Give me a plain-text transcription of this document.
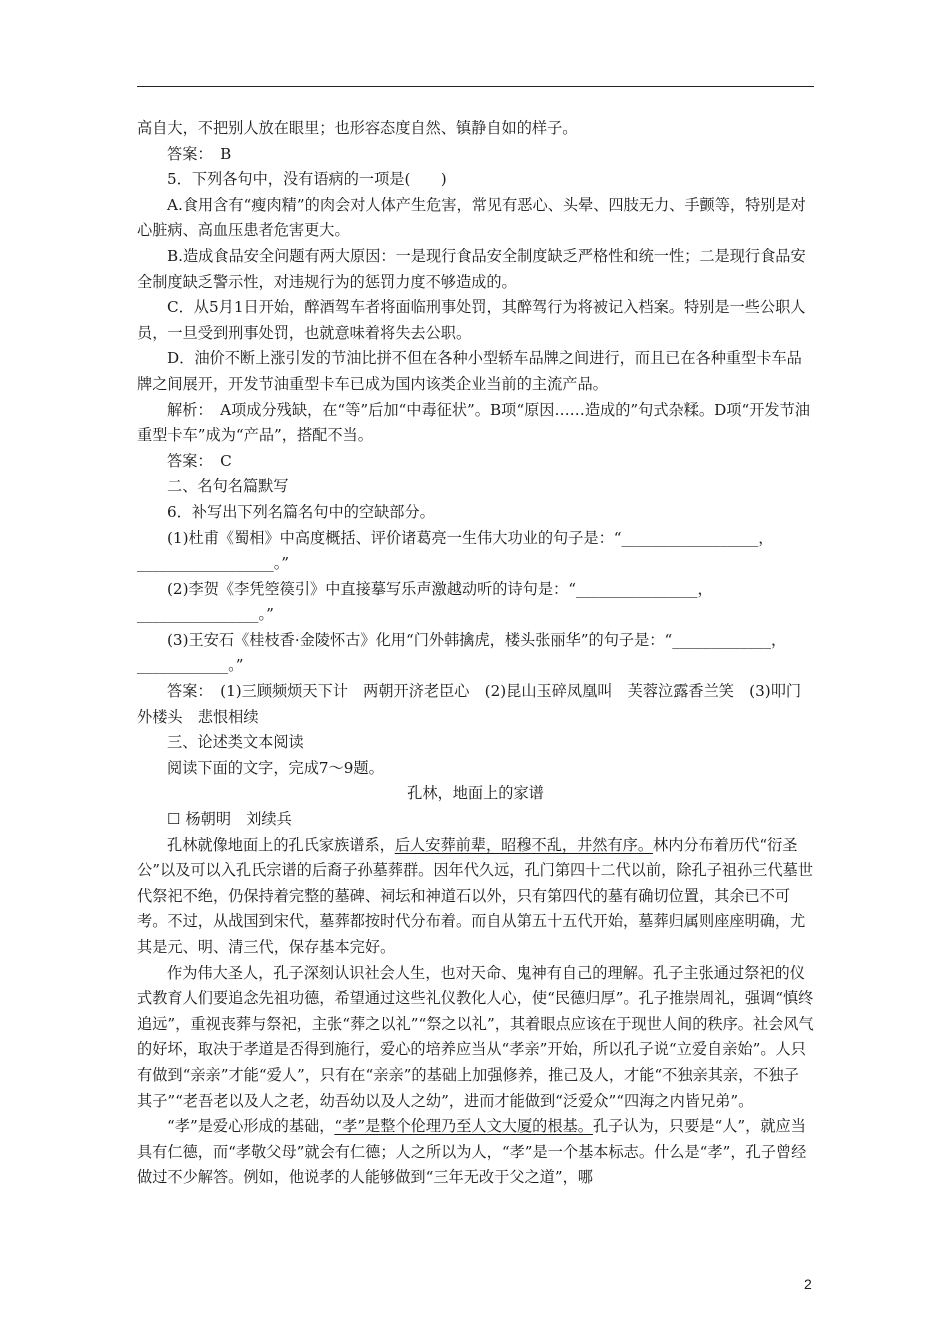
高自大，不把别人放在眼里；也形容态度自然、镇静自如的样子。

答案：　B

5．下列各句中，没有语病的一项是(　　)

A.食用含有“瘦肉精”的肉会对人体产生危害，常见有恶心、头晕、四肢无力、手颤等，特别是对心脏病、高血压患者危害更大。

B.造成食品安全问题有两大原因：一是现行食品安全制度缺乏严格性和统一性；二是现行食品安全制度缺乏警示性，对违规行为的惩罚力度不够造成的。

C．从5月1日开始，醉酒驾车者将面临刑事处罚，其醉驾行为将被记入档案。特别是一些公职人员，一旦受到刑事处罚，也就意味着将失去公职。

D．油价不断上涨引发的节油比拼不但在各种小型轿车品牌之间进行，而且已在各种重型卡车品牌之间展开，开发节油重型卡车已成为国内该类企业当前的主流产品。

解析：　A项成分残缺，在“等”后加“中毒征状”。B项“原因……造成的”句式杂糅。D项“开发节油重型卡车”成为“产品”，搭配不当。

答案：　C

二、名句名篇默写

6．补写出下列名篇名句中的空缺部分。

(1)杜甫《蜀相》中高度概括、评价诸葛亮一生伟大功业的句子是：“__________________，__________________。”

(2)李贺《李凭箜篌引》中直接摹写乐声激越动听的诗句是：“________________，________________。”

(3)王安石《桂枝香·金陵怀古》化用“门外韩擒虎，楼头张丽华”的句子是：“_____________，____________。”

答案：　(1)三顾频烦天下计　两朝开济老臣心　(2)昆山玉碎凤凰叫　芙蓉泣露香兰笑　(3)叩门外楼头　悲恨相续

三、论述类文本阅读

阅读下面的文字，完成7～9题。

孔林，地面上的家谱

☐ 杨朝明　刘续兵

孔林就像地面上的孔氏家族谱系，后人安葬前辈，昭穆不乱，井然有序。林内分布着历代“衍圣公”以及可以入孔氏宗谱的后裔子孙墓葬群。因年代久远，孔门第四十二代以前，除孔子祖孙三代墓世代祭祀不绝，仍保持着完整的墓碑、祠坛和神道石以外，只有第四代的墓有确切位置，其余已不可考。不过，从战国到宋代，墓葬都按时代分布着。而自从第五十五代开始，墓葬归属则座座明确，尤其是元、明、清三代，保存基本完好。

作为伟大圣人，孔子深刻认识社会人生，也对天命、鬼神有自己的理解。孔子主张通过祭祀的仪式教育人们要追念先祖功德，希望通过这些礼仪教化人心，使“民德归厚”。孔子推崇周礼，强调“慎终追远”，重视丧葬与祭祀，主张“葬之以礼”“祭之以礼”，其着眼点应该在于现世人间的秩序。社会风气的好坏，取决于孝道是否得到施行，爱心的培养应当从“孝亲”开始，所以孔子说“立爱自亲始”。人只有做到“亲亲”才能“爱人”，只有在“亲亲”的基础上加强修养，推己及人，才能“不独亲其亲，不独子其子”“老吾老以及人之老，幼吾幼以及人之幼”，进而才能做到“泛爱众”“四海之内皆兄弟”。

“孝”是爱心形成的基础，“孝”是整个伦理乃至人文大厦的根基。孔子认为，只要是“人”，就应当具有仁德，而“孝敬父母”就会有仁德；人之所以为人，“孝”是一个基本标志。什么是“孝”，孔子曾经做过不少解答。例如，他说孝的人能够做到“三年无改于父之道”，哪

2
